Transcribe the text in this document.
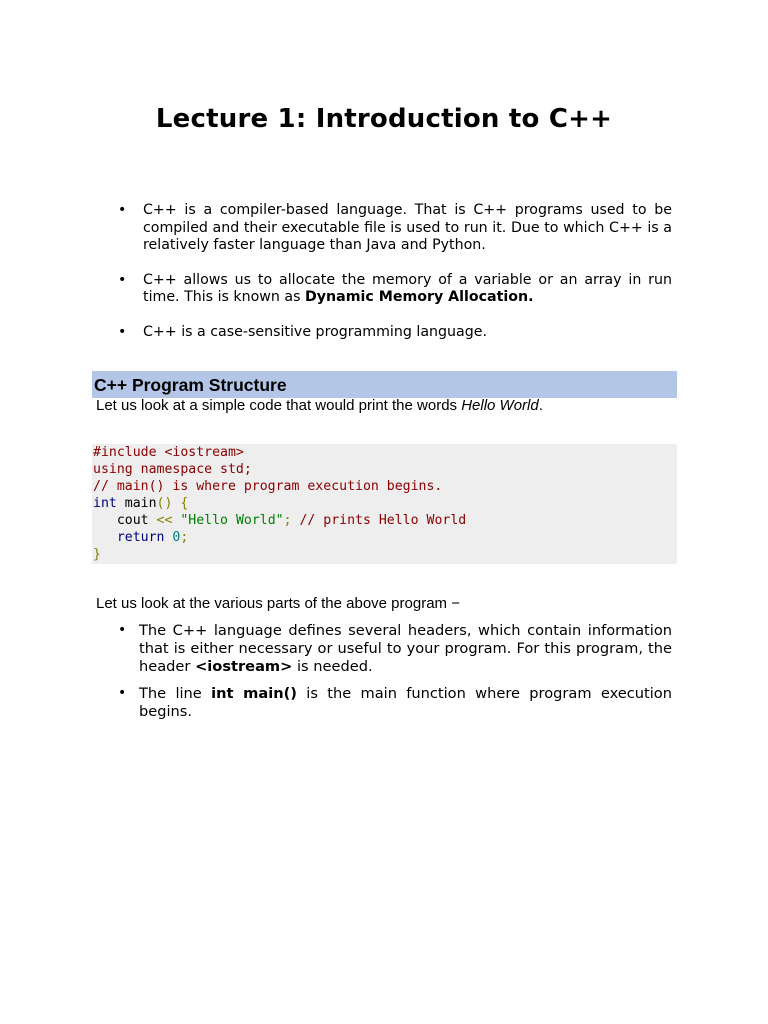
Lecture 1: Introduction to C++
• C++ is a compiler-based language. That is C++ programs used to be compiled and their executable file is used to run it. Due to which C++ is a relatively faster language than Java and Python.
• C++ allows us to allocate the memory of a variable or an array in run time. This is known as Dynamic Memory Allocation.
• C++ is a case-sensitive programming language.
C++ Program Structure

Let us look at a simple code that would print the words Hello World.

#include <iostream>
using namespace std;
// main() is where program execution begins.
int main() {
cout << "Hello World"; // prints Hello World
return 0;
}

Let us look at the various parts of the above program −

• The C++ language defines several headers, which contain information that is either necessary or useful to your program. For this program, the header <iostream> is needed.
• The line int main() is the main function where program execution begins.
